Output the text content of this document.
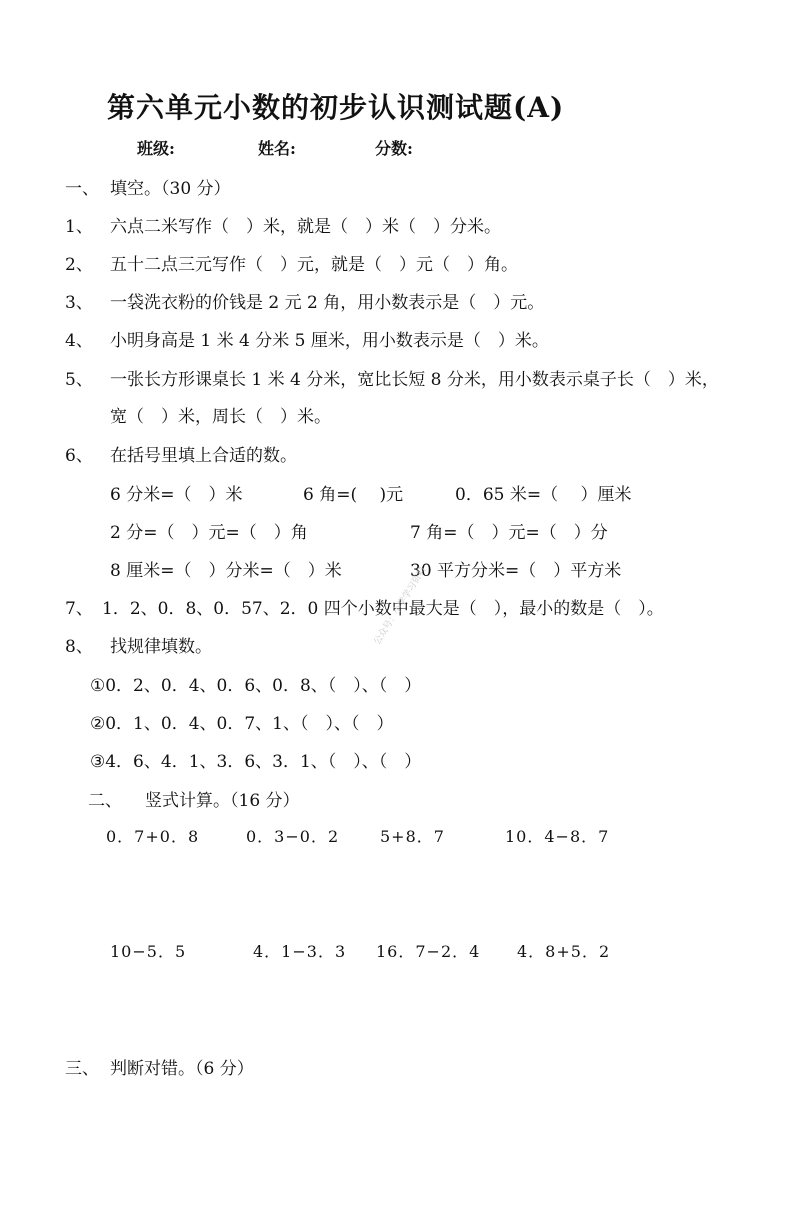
第六单元小数的初步认识测试题(A)
班级:	姓名:	分数:
一、 填空。（30 分）
1、 六点二米写作（　）米，就是（　）米（　）分米。
2、 五十二点三元写作（　）元，就是（　）元（　）角。
3、 一袋洗衣粉的价钱是 2 元 2 角，用小数表示是（　）元。
4、 小明身高是 1 米 4 分米 5 厘米，用小数表示是（　）米。
5、 一张长方形课桌长 1 米 4 分米，宽比长短 8 分米，用小数表示桌子长（　）米，
宽（　）米，周长（　）米。
6、 在括号里填上合适的数。
6 分米=（　）米	6 角=(　 )元	0．65 米=（　 ）厘米
2 分=（　）元=（　）角	7 角=（　）元=（　）分
8 厘米=（　）分米=（　）米	30 平方分米=（　）平方米
7、 1．2、0．8、0．57、2．0 四个小数中最大是（　），最小的数是（　）。
8、 找规律填数。
①0．2、0．4、0．6、0．8、（　）、（　）
②0．1、0．4、0．7、1、（　）、（　）
③4．6、4．1、3．6、3．1、（　）、（　）
二、 竖式计算。（16 分）
0．7+0．8	0．3−0．2	5+8．7	10．4−8．7
10−5．5	4．1−3．3 16．7−2．4 4．8+5．2
三、 判断对错。（6 分）
公众号：小学学习资料
